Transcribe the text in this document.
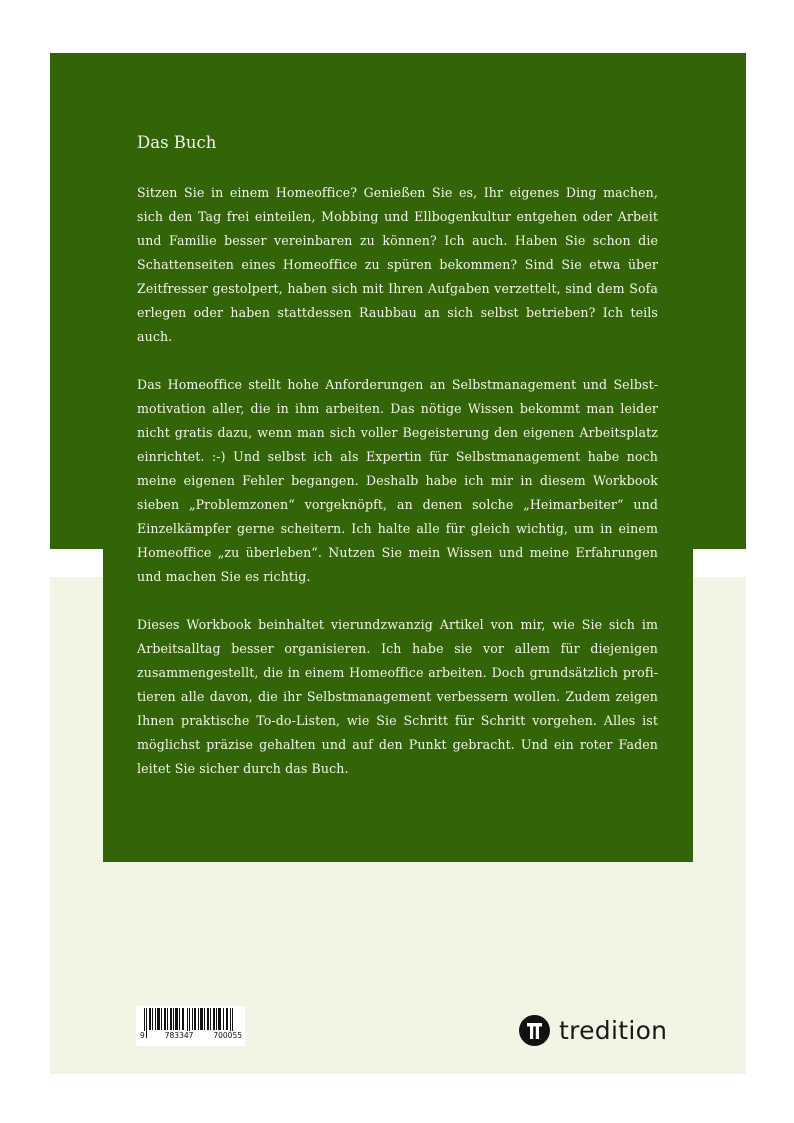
Das Buch

Sitzen Sie in einem Homeoffice? Genießen Sie es, Ihr eigenes Ding machen, sich den Tag frei einteilen, Mobbing und Ellbogenkultur entgehen oder Arbeit und Familie besser vereinbaren zu können? Ich auch. Haben Sie schon die Schattenseiten eines Homeoffice zu spüren bekommen? Sind Sie etwa über Zeitfresser gestolpert, haben sich mit Ihren Aufgaben verzettelt, sind dem Sofa erlegen oder haben stattdessen Raubbau an sich selbst betrieben? Ich teils auch.

Das Homeoffice stellt hohe Anforderungen an Selbstmanagement und Selbstmotivation aller, die in ihm arbeiten. Das nötige Wissen bekommt man leider nicht gratis dazu, wenn man sich voller Begeisterung den eigenen Arbeitsplatz einrichtet. :-) Und selbst ich als Expertin für Selbstmanagement habe noch meine eigenen Fehler begangen. Deshalb habe ich mir in diesem Workbook sieben „Problemzonen“ vorgeknöpft, an denen solche „Heimarbeiter“ und Einzelkämpfer gerne scheitern. Ich halte alle für gleich wichtig, um in einem Homeoffice „zu überleben“. Nutzen Sie mein Wissen und meine Erfahrungen und machen Sie es richtig.

Dieses Workbook beinhaltet vierundzwanzig Artikel von mir, wie Sie sich im Arbeitsalltag besser organisieren. Ich habe sie vor allem für diejenigen zusammengestellt, die in einem Homeoffice arbeiten. Doch grundsätzlich profitieren alle davon, die ihr Selbstmanagement verbessern wollen. Zudem zeigen Ihnen praktische To-do-Listen, wie Sie Schritt für Schritt vorgehen. Alles ist möglichst präzise gehalten und auf den Punkt gebracht. Und ein roter Faden leitet Sie sicher durch das Buch.

9	783347	700055	tredition
